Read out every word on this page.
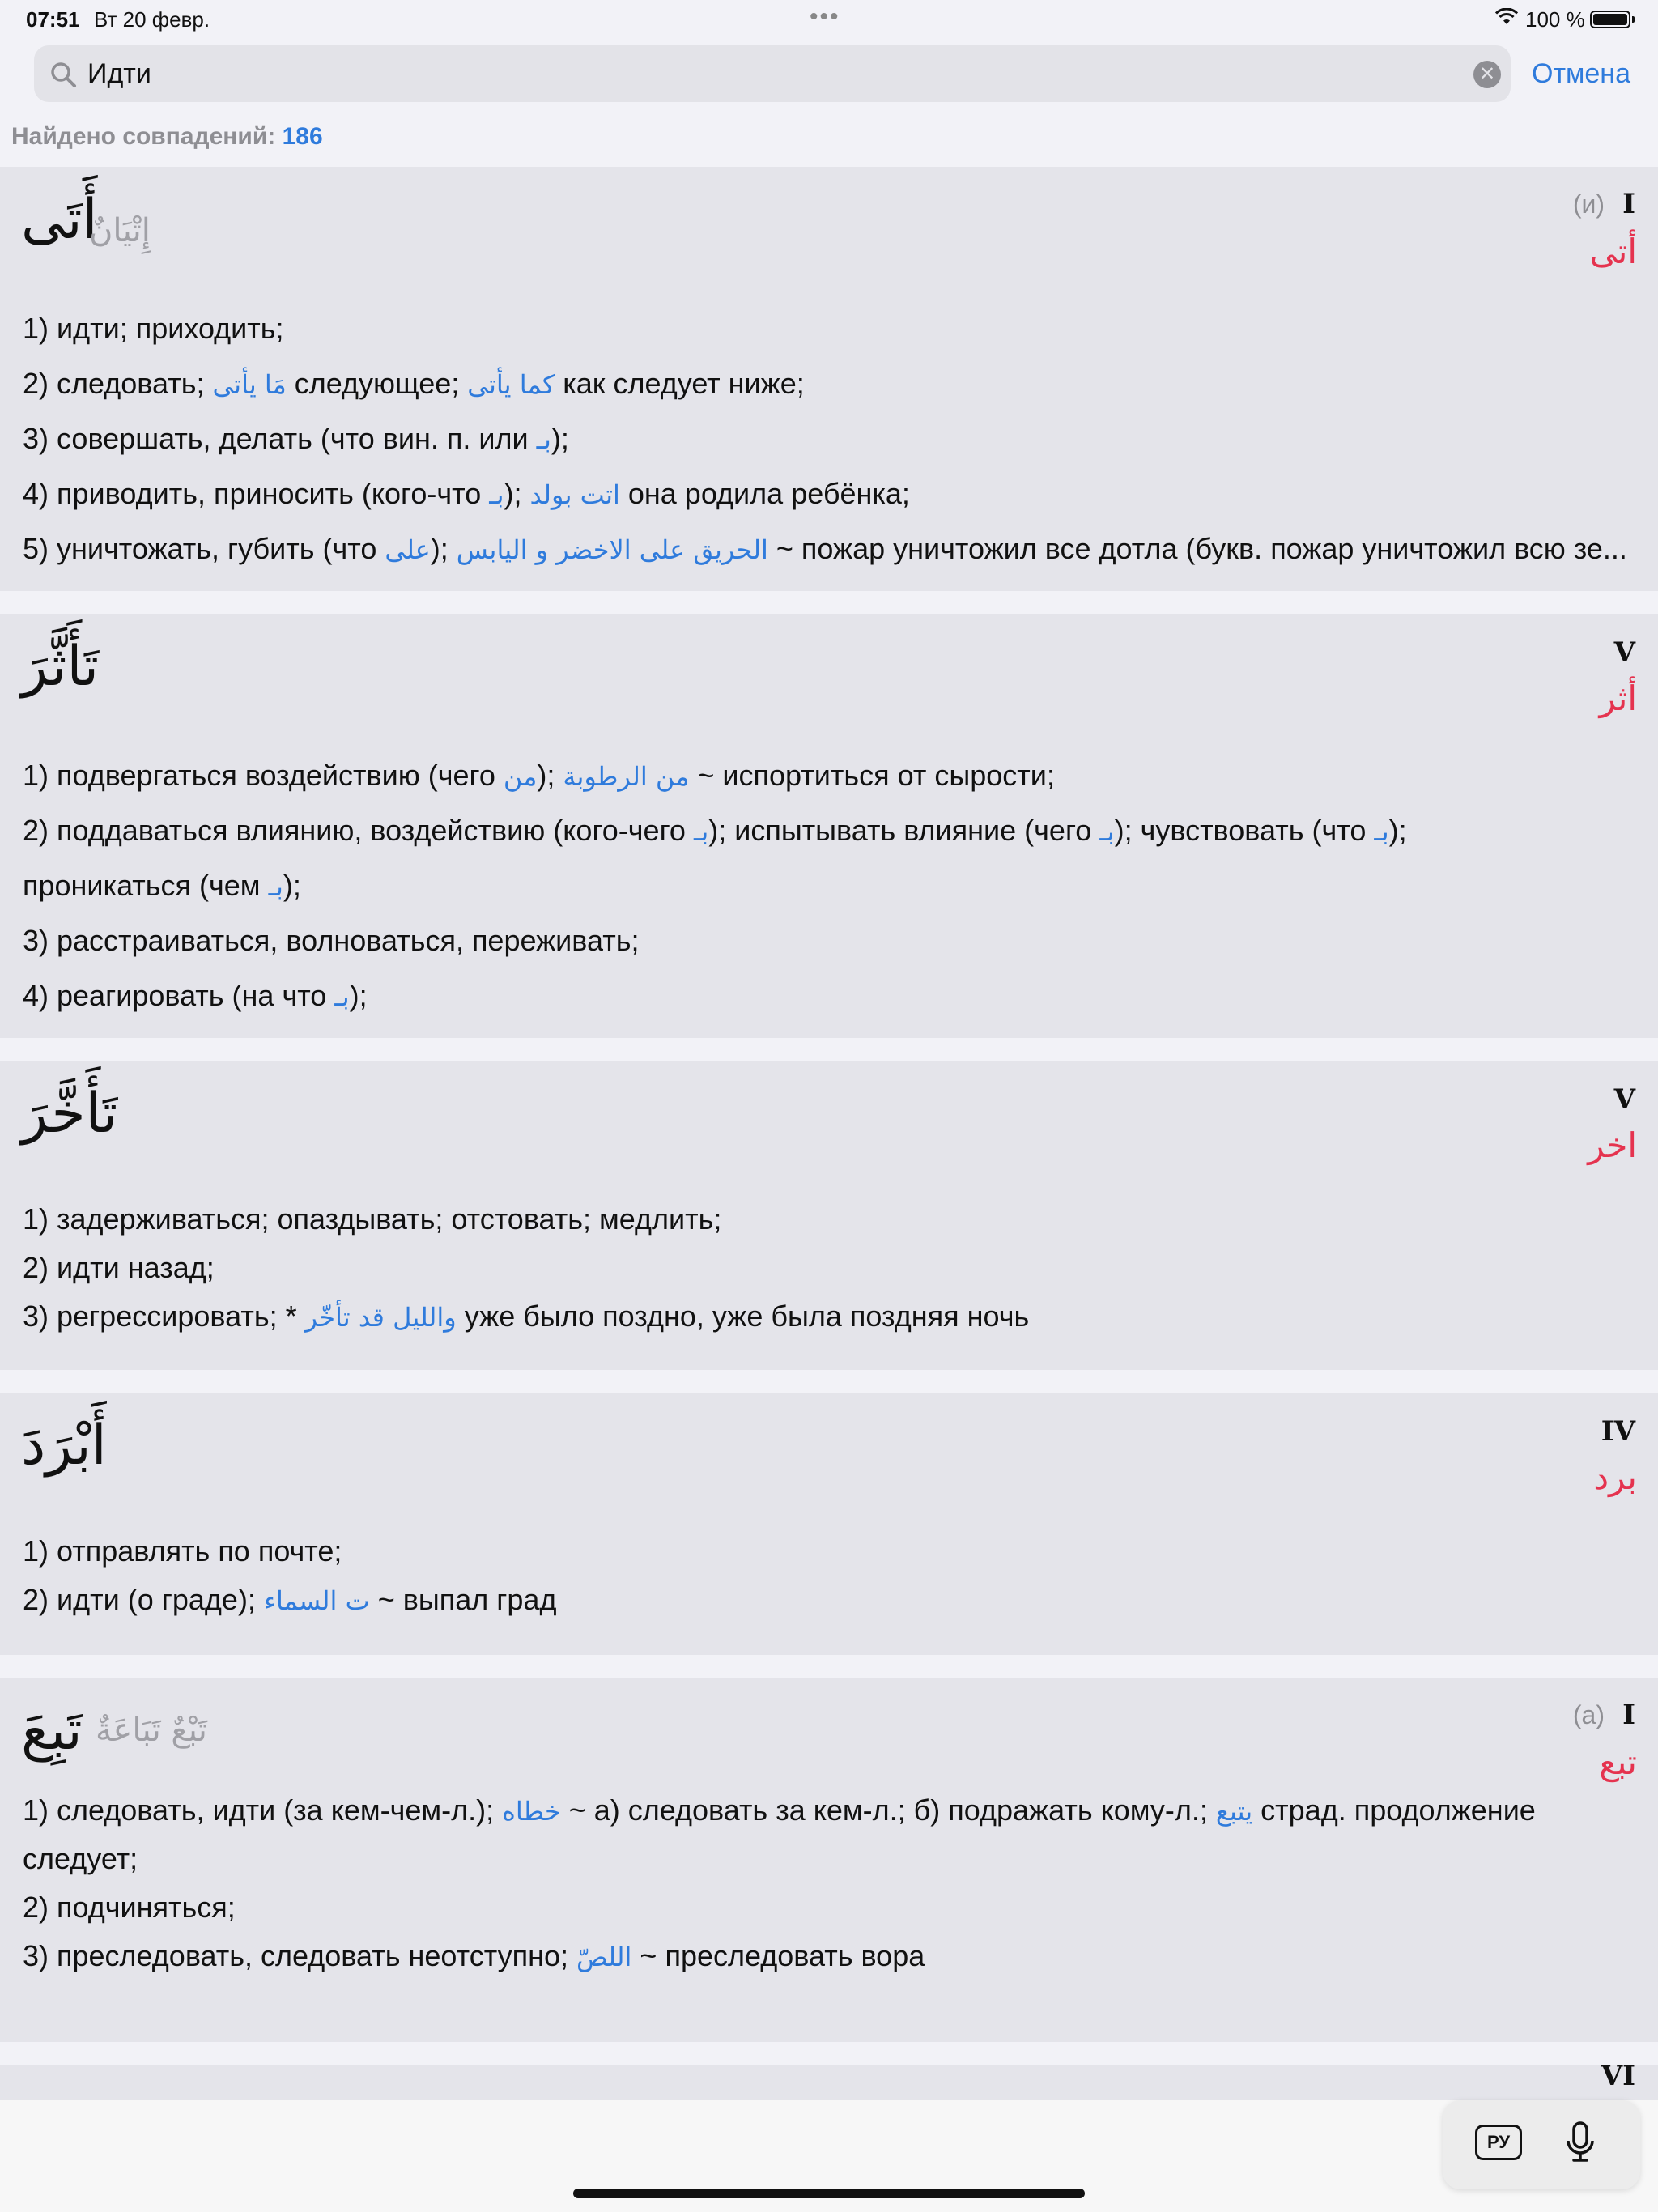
07:51 Вт 20 февр.	•••	100 %
Идти
✕ Отмена
Найдено совпадений: 186
أَتَى
إِتْيَانٌ
(и) I
أتى
1) идти; приходить;
2) следовать; مَا يأتى следующее; كما يأتى как следует ниже;
3) совершать, делать (что вин. п. или بـ);
4) приводить, приносить (кого-что بـ); اتت بولد она родила ребёнка;
5) уничтожать, губить (что على); الحريق على الاخضر و اليابس ~ пожар уничтожил все дотла (букв. пожар уничтожил всю зе...
تَأَثَّرَ	V
أثر
1) подвергаться воздействию (чего من); من الرطوبة ~ испортиться от сырости;
2) поддаваться влиянию, воздействию (кого-чего بـ); испытывать влияние (чего بـ); чувствовать (что بـ);
проникаться (чем بـ);
3) расстраиваться, волноваться, переживать;
4) реагировать (на что بـ);
تَأَخَّرَ	V
اخر
1) задерживаться; опаздывать; отстовать; медлить;
2) идти назад;
3) регрессировать; * والليل قد تأخّر уже было поздно, уже была поздняя ночь
أَبْرَدَ	IV
برد
1) отправлять по почте;
2) идти (о граде); ت السماء ~ выпал град
تَبِعَ تَبْعٌ تَبَاعَةٌ	(a) I
تبع
1) следовать, идти (за кем-чем-л.); خطاه ~ а) следовать за кем-л.; б) подражать кому-л.; يتبع страд. продолжение
следует;
2) подчиняться;
3) преследовать, следовать неотступно; اللصّ ~ преследовать вора
VI
РУ
